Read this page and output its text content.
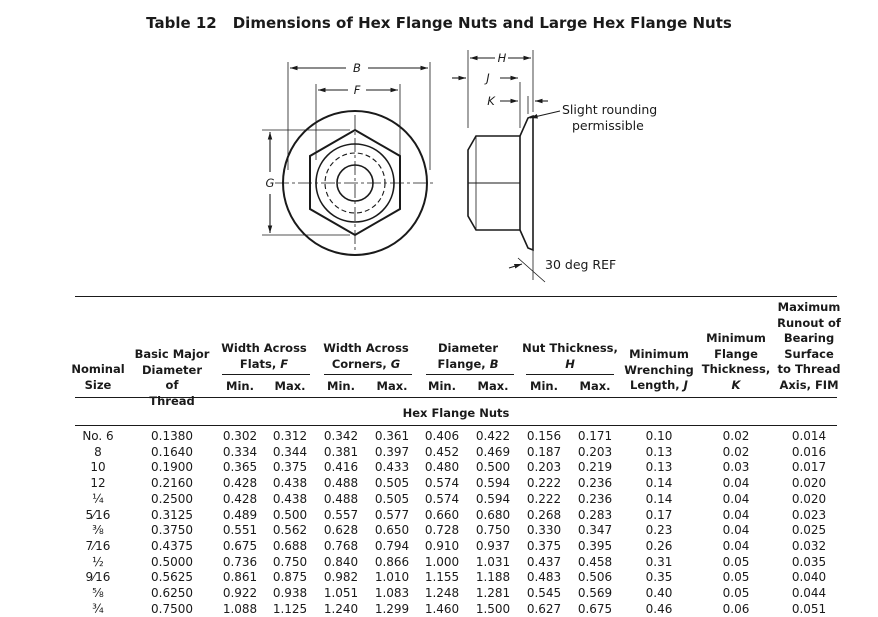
Table 12 Dimensions of Hex Flange Nuts and Large Hex Flange Nuts
B
F
G
H
J
K
Slight rounding
permissible
30 deg REF
Nominal
Size
Basic Major
Diameter of
Thread
Width Across
Flats, F
Width Across
Corners, G
Diameter
Flange, B
Nut Thickness,
H
Minimum
Wrenching
Length, J
Minimum
Flange
Thickness,
K
Maximum
Runout of
Bearing
Surface
to Thread
Axis, FIM
Min.	Max.	Min.	Max.	Min.	Max.	Min.	Max.
Hex Flange Nuts
No. 6	0.1380	0.302 0.312 0.342 0.361 0.406 0.422 0.156 0.171	0.10	0.02	0.014
8	0.1640	0.334 0.344 0.381 0.397 0.452 0.469 0.187 0.203	0.13	0.02	0.016
10	0.1900	0.365 0.375 0.416 0.433 0.480 0.500 0.203 0.219	0.13	0.03	0.017
12	0.2160	0.428 0.438 0.488 0.505 0.574 0.594 0.222 0.236	0.14	0.04	0.020
¼	0.2500	0.428 0.438 0.488 0.505 0.574 0.594 0.222 0.236	0.14	0.04	0.020
5⁄16	0.3125	0.489 0.500 0.557 0.577 0.660 0.680 0.268 0.283	0.17	0.04	0.023
⅜	0.3750	0.551 0.562 0.628 0.650 0.728 0.750 0.330 0.347	0.23	0.04	0.025
7⁄16	0.4375	0.675 0.688 0.768 0.794 0.910 0.937 0.375 0.395	0.26	0.04	0.032
½	0.5000	0.736 0.750 0.840 0.866 1.000 1.031 0.437 0.458	0.31	0.05	0.035
9⁄16	0.5625	0.861 0.875 0.982 1.010 1.155 1.188 0.483 0.506	0.35	0.05	0.040
⅝	0.6250	0.922 0.938 1.051 1.083 1.248 1.281 0.545 0.569	0.40	0.05	0.044
¾	0.7500	1.088 1.125 1.240 1.299 1.460 1.500 0.627 0.675	0.46	0.06	0.051
